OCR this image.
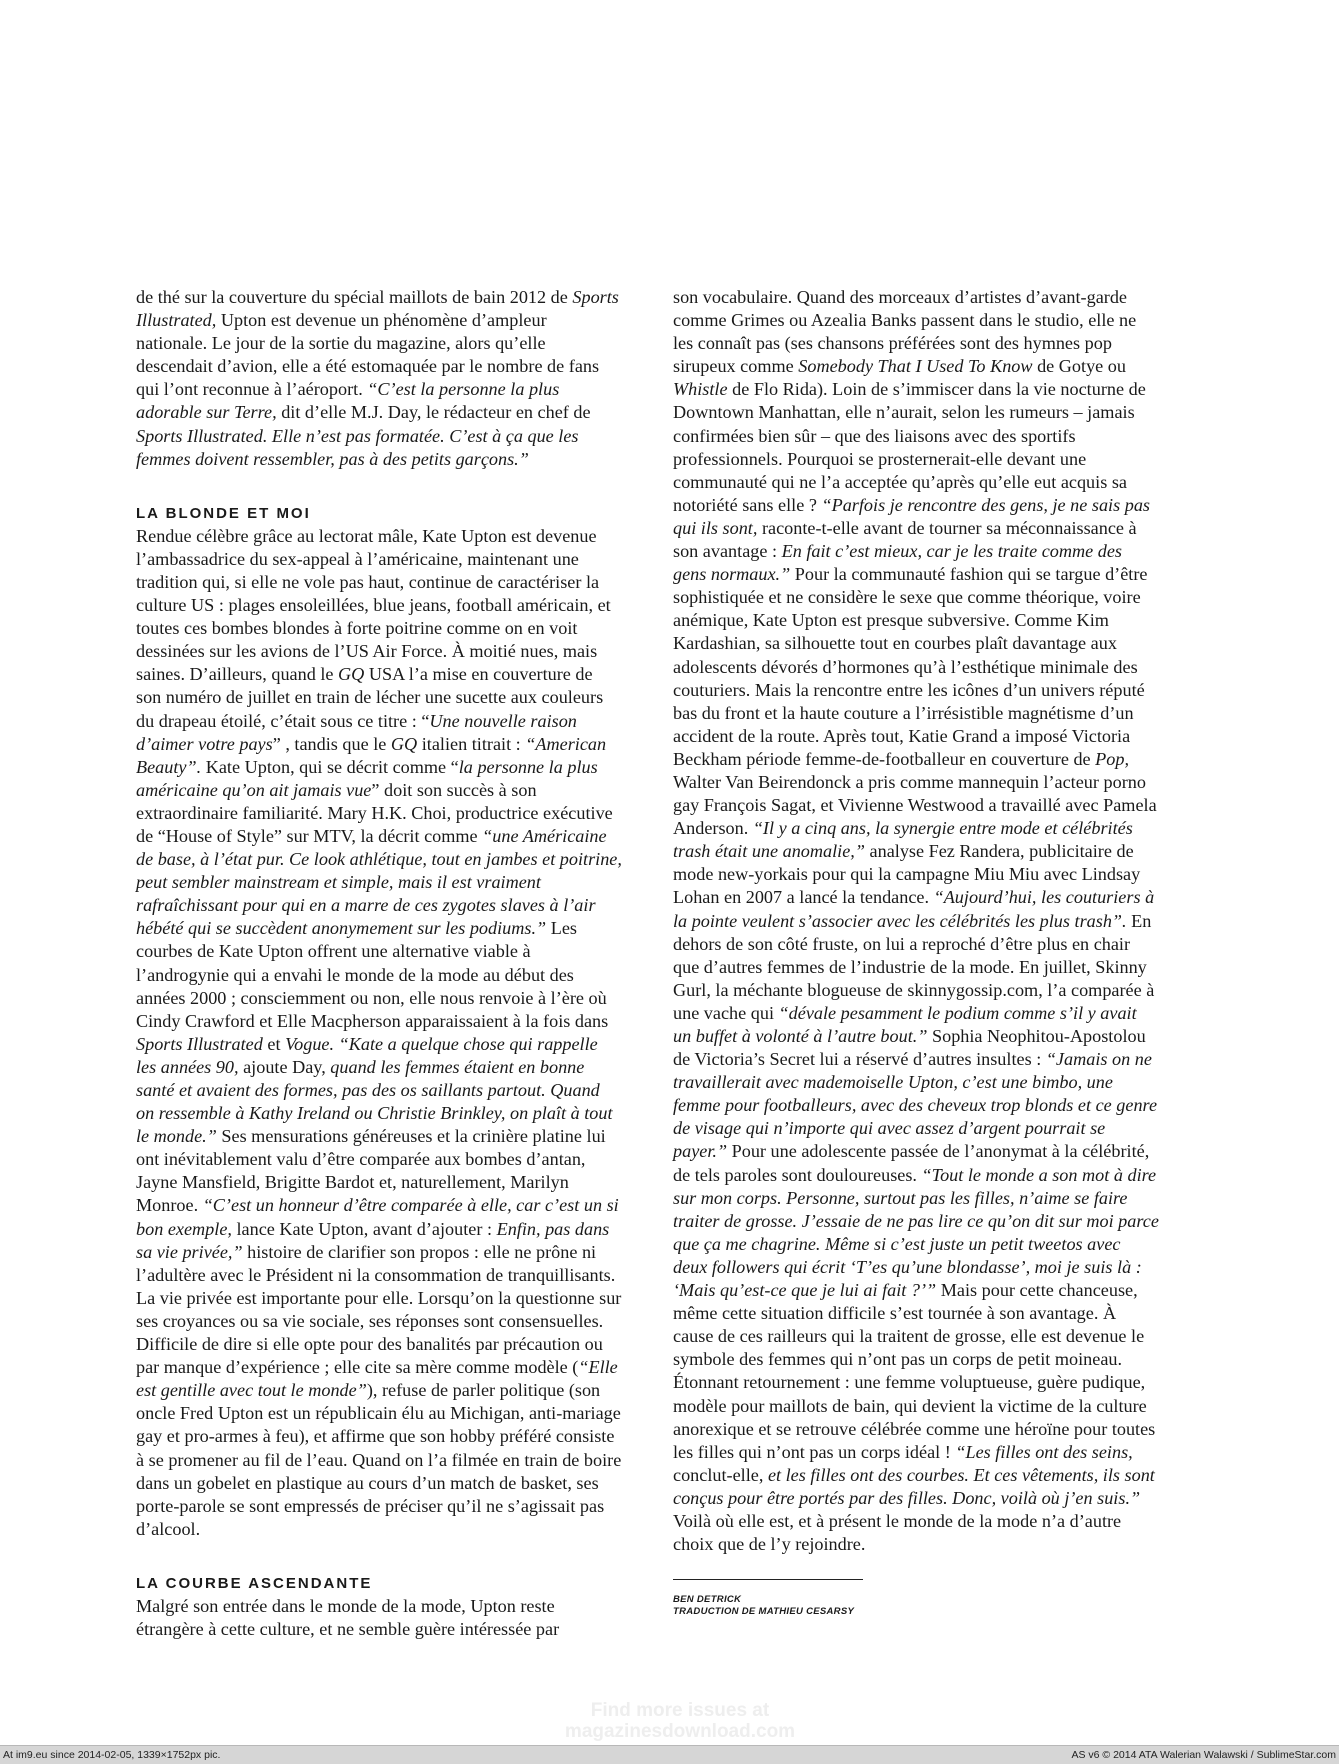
de thé sur la couverture du spécial maillots de bain 2012 de Sports Illustrated, Upton est devenue un phénomène d’ampleur nationale. Le jour de la sortie du magazine, alors qu’elle descendait d’avion, elle a été estomaquée par le nombre de fans qui l’ont reconnue à l’aéroport. “C’est la personne la plus adorable sur Terre, dit d’elle M.J. Day, le rédacteur en chef de Sports Illustrated. Elle n’est pas formatée. C’est à ça que les femmes doivent ressembler, pas à des petits garçons.”

LA BLONDE ET MOI

Rendue célèbre grâce au lectorat mâle, Kate Upton est devenue l’ambassadrice du sex-appeal à l’américaine, maintenant une tradition qui, si elle ne vole pas haut, continue de caractériser la culture US : plages ensoleillées, blue jeans, football américain, et toutes ces bombes blondes à forte poitrine comme on en voit dessinées sur les avions de l’US Air Force. À moitié nues, mais saines. D’ailleurs, quand le GQ USA l’a mise en couverture de son numéro de juillet en train de lécher une sucette aux couleurs du drapeau étoilé, c’était sous ce titre : “Une nouvelle raison d’aimer votre pays” , tandis que le GQ italien titrait : “American Beauty”. Kate Upton, qui se décrit comme “la personne la plus américaine qu’on ait jamais vue” doit son succès à son extraordinaire familiarité. Mary H.K. Choi, productrice exécutive de “House of Style” sur MTV, la décrit comme “une Américaine de base, à l’état pur. Ce look athlétique, tout en jambes et poitrine, peut sembler mainstream et simple, mais il est vraiment rafraîchissant pour qui en a marre de ces zygotes slaves à l’air hébété qui se succèdent anonymement sur les podiums.” Les courbes de Kate Upton offrent une alternative viable à l’androgynie qui a envahi le monde de la mode au début des années 2000 ; consciemment ou non, elle nous renvoie à l’ère où Cindy Crawford et Elle Macpherson apparaissaient à la fois dans Sports Illustrated et Vogue. “Kate a quelque chose qui rappelle les années 90, ajoute Day, quand les femmes étaient en bonne santé et avaient des formes, pas des os saillants partout. Quand on ressemble à Kathy Ireland ou Christie Brinkley, on plaît à tout le monde.” Ses mensurations généreuses et la crinière platine lui ont inévitablement valu d’être comparée aux bombes d’antan, Jayne Mansfield, Brigitte Bardot et, naturellement, Marilyn Monroe. “C’est un honneur d’être comparée à elle, car c’est un si bon exemple, lance Kate Upton, avant d’ajouter : Enfin, pas dans sa vie privée,” histoire de clarifier son propos : elle ne prône ni l’adultère avec le Président ni la consommation de tranquillisants.

La vie privée est importante pour elle. Lorsqu’on la questionne sur ses croyances ou sa vie sociale, ses réponses sont consensuelles. Difficile de dire si elle opte pour des banalités par précaution ou par manque d’expérience ; elle cite sa mère comme modèle (“Elle est gentille avec tout le monde”), refuse de parler politique (son oncle Fred Upton est un républicain élu au Michigan, anti-mariage gay et pro-armes à feu), et affirme que son hobby préféré consiste à se promener au fil de l’eau. Quand on l’a filmée en train de boire dans un gobelet en plastique au cours d’un match de basket, ses porte-parole se sont empressés de préciser qu’il ne s’agissait pas d’alcool.

LA COURBE ASCENDANTE

Malgré son entrée dans le monde de la mode, Upton reste étrangère à cette culture, et ne semble guère intéressée par

son vocabulaire. Quand des morceaux d’artistes d’avant-garde comme Grimes ou Azealia Banks passent dans le studio, elle ne les connaît pas (ses chansons préférées sont des hymnes pop sirupeux comme Somebody That I Used To Know de Gotye ou Whistle de Flo Rida). Loin de s’immiscer dans la vie nocturne de Downtown Manhattan, elle n’aurait, selon les rumeurs – jamais confirmées bien sûr – que des liaisons avec des sportifs professionnels. Pourquoi se prosternerait-elle devant une communauté qui ne l’a acceptée qu’après qu’elle eut acquis sa notoriété sans elle ? “Parfois je rencontre des gens, je ne sais pas qui ils sont, raconte-t-elle avant de tourner sa méconnaissance à son avantage : En fait c’est mieux, car je les traite comme des gens normaux.” Pour la communauté fashion qui se targue d’être sophistiquée et ne considère le sexe que comme théorique, voire anémique, Kate Upton est presque subversive. Comme Kim Kardashian, sa silhouette tout en courbes plaît davantage aux adolescents dévorés d’hormones qu’à l’esthétique minimale des couturiers. Mais la rencontre entre les icônes d’un univers réputé bas du front et la haute couture a l’irrésistible magnétisme d’un accident de la route. Après tout, Katie Grand a imposé Victoria Beckham période femme-de-footballeur en couverture de Pop, Walter Van Beirendonck a pris comme mannequin l’acteur porno gay François Sagat, et Vivienne Westwood a travaillé avec Pamela Anderson. “Il y a cinq ans, la synergie entre mode et célébrités trash était une anomalie,” analyse Fez Randera, publicitaire de mode new-yorkais pour qui la campagne Miu Miu avec Lindsay Lohan en 2007 a lancé la tendance. “Aujourd’hui, les couturiers à la pointe veulent s’associer avec les célébrités les plus trash”. En dehors de son côté fruste, on lui a reproché d’être plus en chair que d’autres femmes de l’industrie de la mode. En juillet, Skinny Gurl, la méchante blogueuse de skinnygossip.com, l’a comparée à une vache qui “dévale pesamment le podium comme s’il y avait un buffet à volonté à l’autre bout.” Sophia Neophitou-Apostolou de Victoria’s Secret lui a réservé d’autres insultes : “Jamais on ne travaillerait avec mademoiselle Upton, c’est une bimbo, une femme pour footballeurs, avec des cheveux trop blonds et ce genre de visage qui n’importe qui avec assez d’argent pourrait se payer.” Pour une adolescente passée de l’anonymat à la célébrité, de tels paroles sont douloureuses. “Tout le monde a son mot à dire sur mon corps. Personne, surtout pas les filles, n’aime se faire traiter de grosse. J’essaie de ne pas lire ce qu’on dit sur moi parce que ça me chagrine. Même si c’est juste un petit tweetos avec deux followers qui écrit ‘T’es qu’une blondasse’, moi je suis là : ‘Mais qu’est-ce que je lui ai fait ?’” Mais pour cette chanceuse, même cette situation difficile s’est tournée à son avantage. À cause de ces railleurs qui la traitent de grosse, elle est devenue le symbole des femmes qui n’ont pas un corps de petit moineau. Étonnant retournement : une femme voluptueuse, guère pudique, modèle pour maillots de bain, qui devient la victime de la culture anorexique et se retrouve célébrée comme une héroïne pour toutes les filles qui n’ont pas un corps idéal ! “Les filles ont des seins, conclut-elle, et les filles ont des courbes. Et ces vêtements, ils sont conçus pour être portés par des filles. Donc, voilà où j’en suis.” Voilà où elle est, et à présent le monde de la mode n’a d’autre choix que de l’y rejoindre.

BEN DETRICK
TRADUCTION DE MATHIEU CESARSY
Find more issues at
magazinesdownload.com
At im9.eu since 2014-02-05, 1339×1752px pic.	AS v6 © 2014 ATA Walerian Walawski / SublimeStar.com
